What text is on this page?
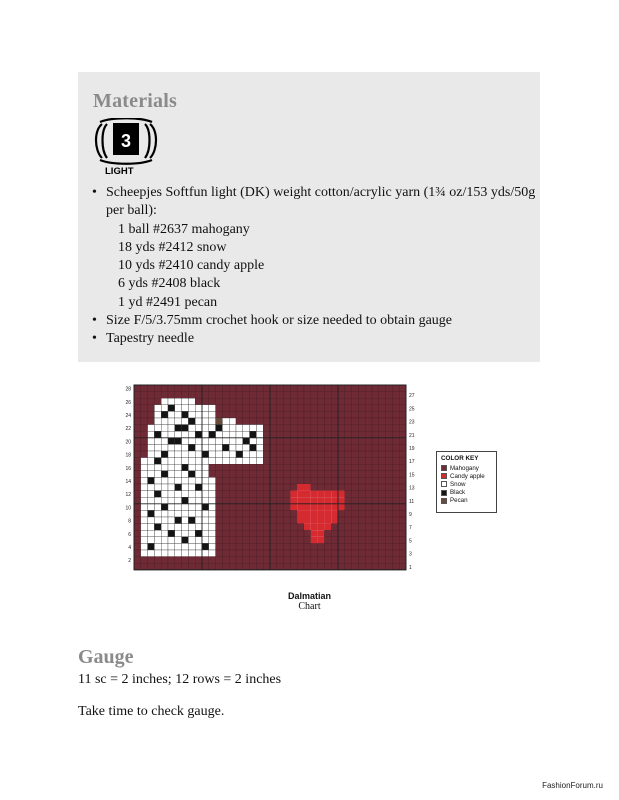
Materials
3
LIGHT
• Scheepjes Softfun light (DK) weight cotton/acrylic yarn (1¾ oz/153 yds/50g per ball):
1 ball #2637 mahogany
18 yds #2412 snow
10 yds #2410 candy apple
6 yds #2408 black
1 yd #2491 pecan
• Size F/5/3.75mm crochet hook or size needed to obtain gauge
• Tapestry needle
28
26
24
22
20
18
16
14
12
10
8
6
4
2
27
25
23
21
19
17
15
13
11
9
7
5
3
1
COLOR KEY
Mahogany
Candy apple
Snow
Black
Pecan
Dalmatian
Chart
Gauge
11 sc = 2 inches; 12 rows = 2 inches
Take time to check gauge.
FashionForum.ru
